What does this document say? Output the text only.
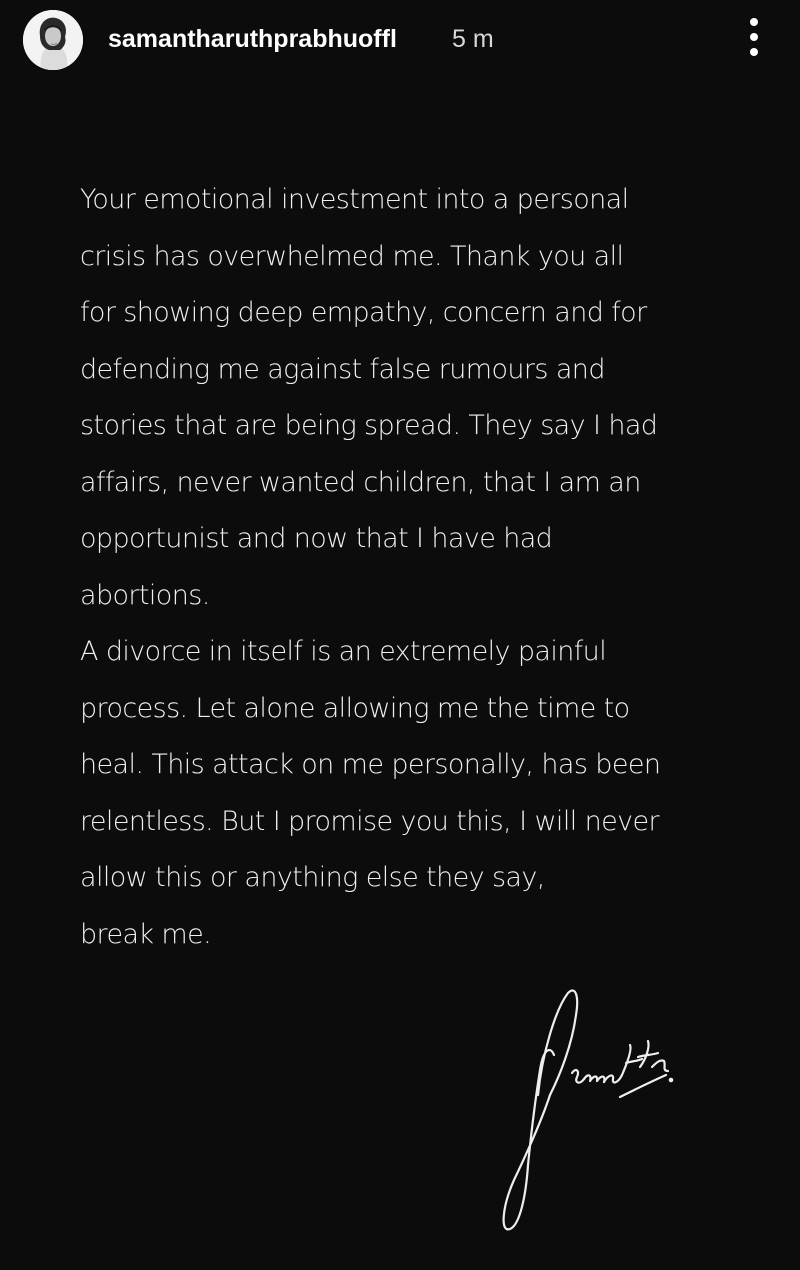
samantharuthprabhuoffl 5 m
Your emotional investment into a personal
crisis has overwhelmed me. Thank you all
for showing deep empathy, concern and for
defending me against false rumours and
stories that are being spread. They say I had
affairs, never wanted children, that I am an
opportunist and now that I have had
abortions.
A divorce in itself is an extremely painful
process. Let alone allowing me the time to
heal. This attack on me personally, has been
relentless. But I promise you this, I will never
allow this or anything else they say,
break me.
